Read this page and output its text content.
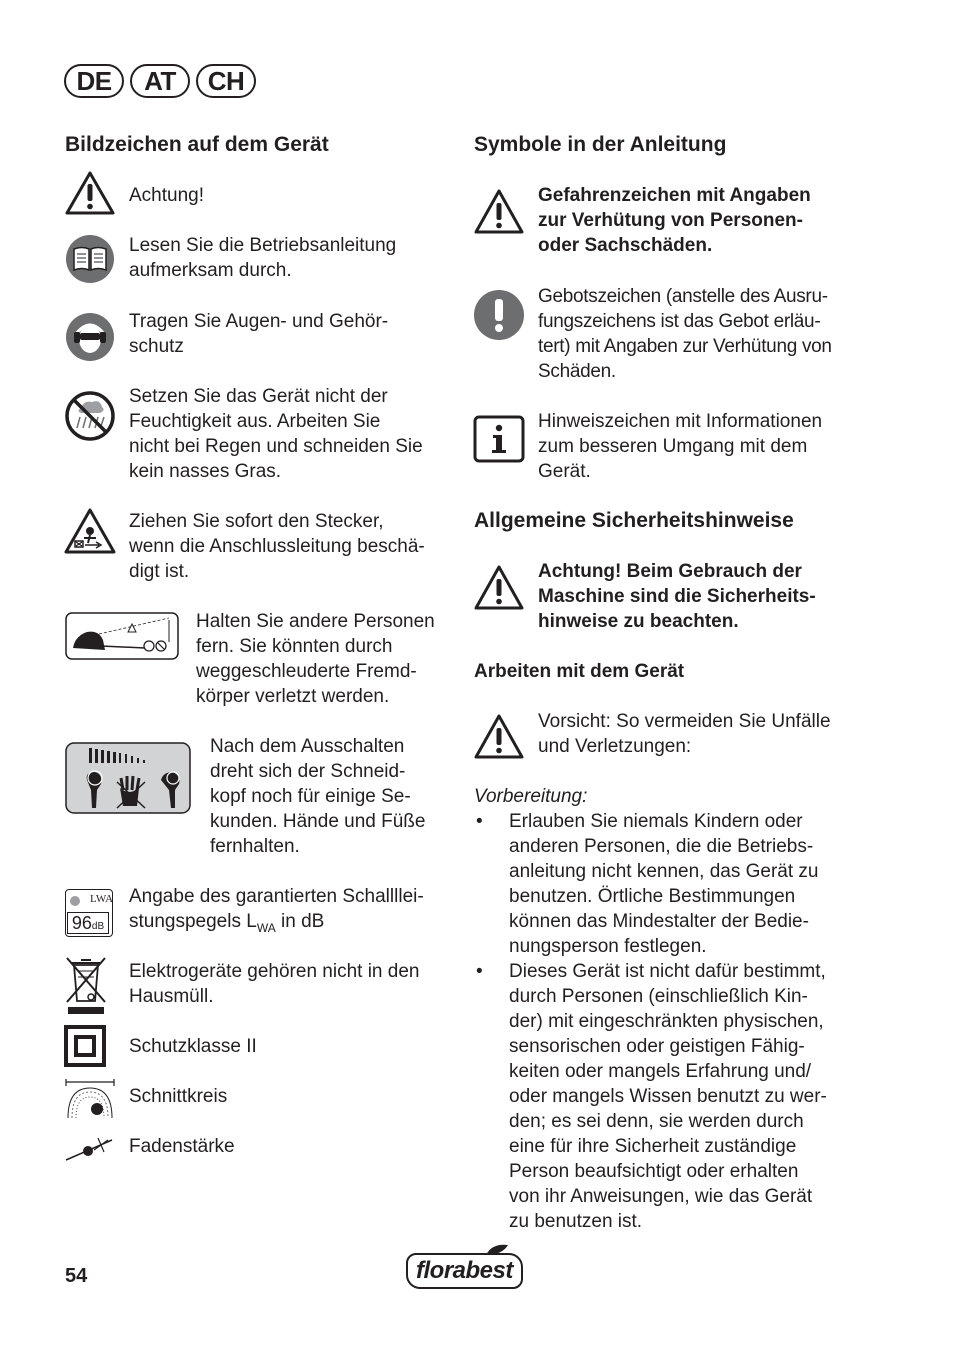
DE	AT	CH
Bildzeichen auf dem Gerät
Achtung!
Lesen Sie die Betriebsanleitung
aufmerksam durch.
Tragen Sie Augen- und Gehör-
schutz
Setzen Sie das Gerät nicht der
Feuchtigkeit aus. Arbeiten Sie
nicht bei Regen und schneiden Sie
kein nasses Gras.
Ziehen Sie sofort den Stecker,
wenn die Anschlussleitung beschä-
digt ist.
Halten Sie andere Personen
fern. Sie könnten durch
weggeschleuderte Fremd-
körper verletzt werden.
Nach dem Ausschalten
dreht sich der Schneid-
kopf noch für einige Se-
kunden. Hände und Füße
fernhalten.
LWA
96 dB
Angabe des garantierten Schallllei-
stungspegels $L_{WA}$ in dB
Elektrogeräte gehören nicht in den
Hausmüll.
Schutzklasse II
Schnittkreis
Fadenstärke
Symbole in der Anleitung
Gefahrenzeichen mit Angaben
zur Verhütung von Personen-
oder Sachschäden.
Gebotszeichen (anstelle des Ausru-
fungszeichens ist das Gebot erläu-
tert) mit Angaben zur Verhütung von
Schäden.
Hinweiszeichen mit Informationen
zum besseren Umgang mit dem
Gerät.
Allgemeine Sicherheitshinweise
Achtung! Beim Gebrauch der
Maschine sind die Sicherheits-
hinweise zu beachten.
Arbeiten mit dem Gerät
Vorsicht: So vermeiden Sie Unfälle
und Verletzungen:
Vorbereitung:
• Erlauben Sie niemals Kindern oder
anderen Personen, die die Betriebs-
anleitung nicht kennen, das Gerät zu
benutzen. Örtliche Bestimmungen
können das Mindestalter der Bedie-
nungsperson festlegen.
• Dieses Gerät ist nicht dafür bestimmt,
durch Personen (einschließlich Kin-
der) mit eingeschränkten physischen,
sensorischen oder geistigen Fähig-
keiten oder mangels Erfahrung und/
oder mangels Wissen benutzt zu wer-
den; es sei denn, sie werden durch
eine für ihre Sicherheit zuständige
Person beaufsichtigt oder erhalten
von ihr Anweisungen, wie das Gerät
zu benutzen ist.
54	florabest
